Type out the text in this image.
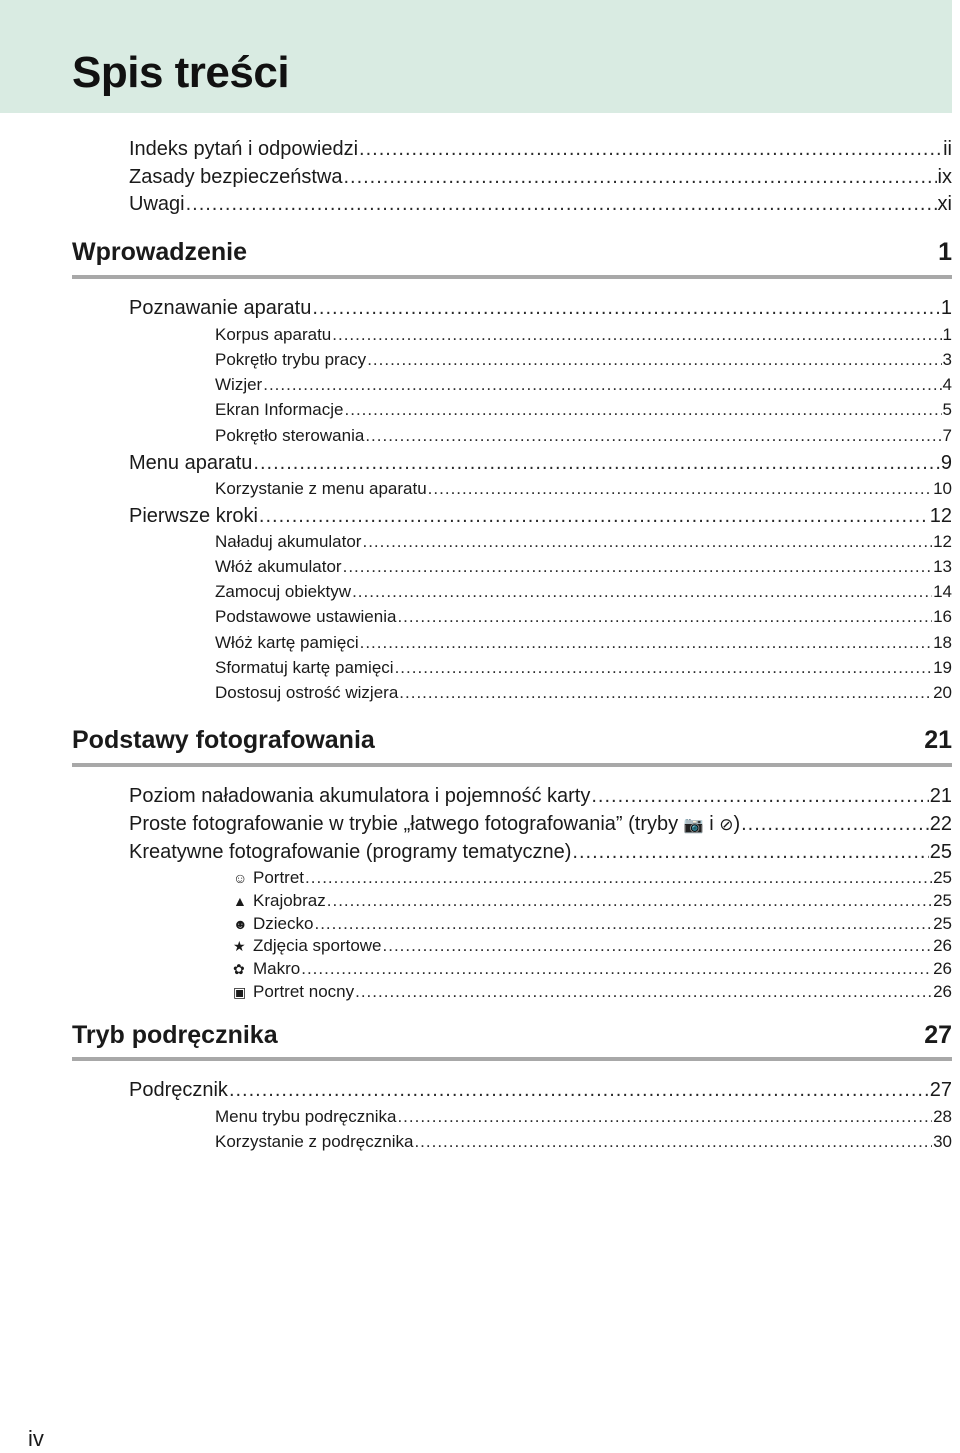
Spis treści
Indeks pytań i odpowiedzi .....	ii
Zasady bezpieczeństwa .....	ix
Uwagi .....	xi
Wprowadzenie	1
Poznawanie aparatu .....	1
Korpus aparatu .....	1
Pokrętło trybu pracy .....	3
Wizjer .....	4
Ekran Informacje .....	5
Pokrętło sterowania .....	7
Menu aparatu .....	9
Korzystanie z menu aparatu .....	10
Pierwsze kroki .....	12
Naładuj akumulator .....	12
Włóż akumulator .....	13
Zamocuj obiektyw .....	14
Podstawowe ustawienia .....	16
Włóż kartę pamięci .....	18
Sformatuj kartę pamięci .....	19
Dostosuj ostrość wizjera .....	20
Podstawy fotografowania	21
Poziom naładowania akumulatora i pojemność karty .....	21
Proste fotografowanie w trybie „łatwego fotografowania” (tryby 📷 i ⊘) .....	22
Kreatywne fotografowanie (programy tematyczne) .....	25
☺ Portret .....	25
▲ Krajobraz .....	25
☻ Dziecko .....	25
★ Zdjęcia sportowe .....	26
✿ Makro .....	26
▣ Portret nocny .....	26
Tryb podręcznika	27
Podręcznik .....	27
Menu trybu podręcznika .....	28
Korzystanie z podręcznika .....	30
iv
